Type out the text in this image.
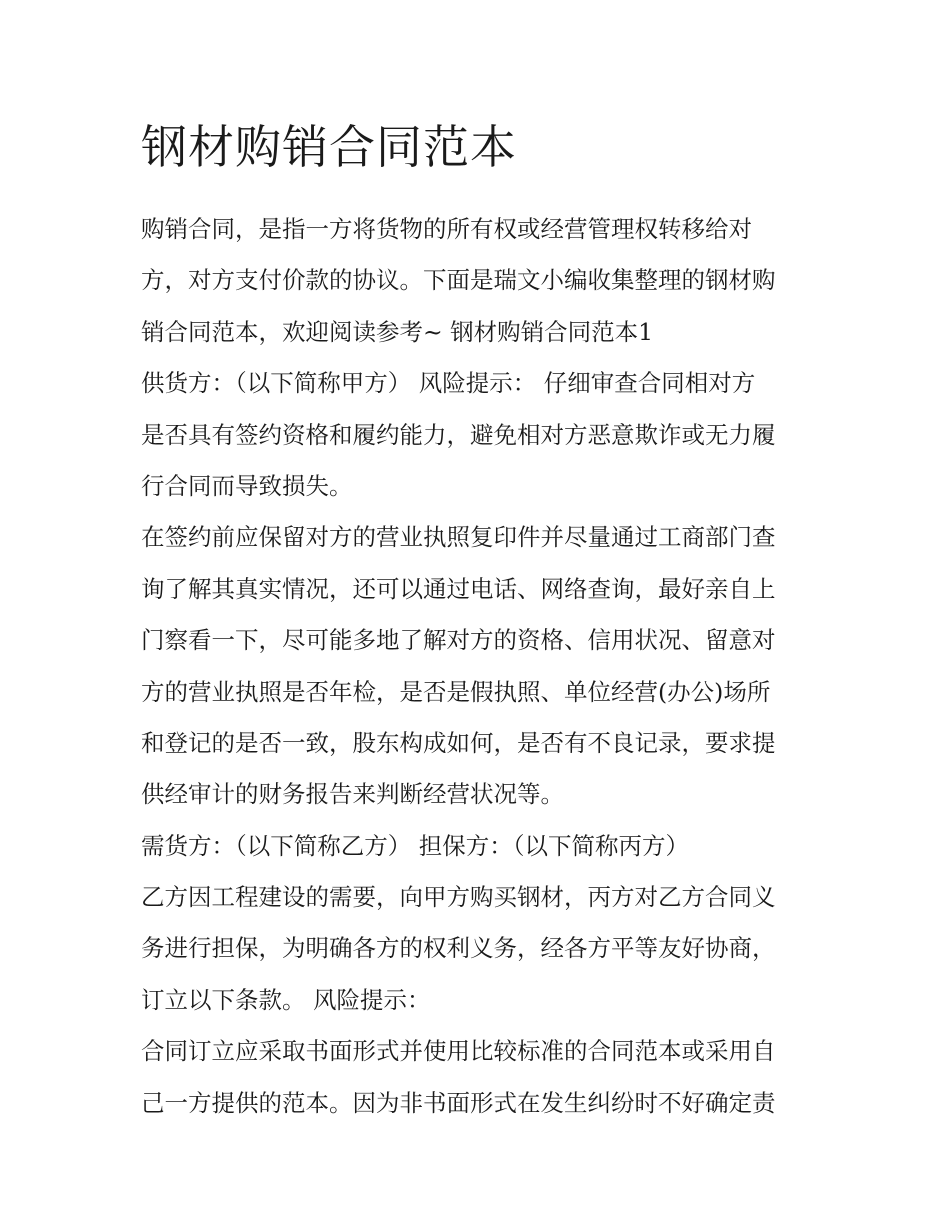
钢材购销合同范本
购销合同，是指一方将货物的所有权或经营管理权转移给对
方，对方支付价款的协议。下面是瑞文小编收集整理的钢材购
销合同范本，欢迎阅读参考~ 钢材购销合同范本1
供货方：（以下简称甲方） 风险提示： 仔细审查合同相对方
是否具有签约资格和履约能力，避免相对方恶意欺诈或无力履
行合同而导致损失。
在签约前应保留对方的营业执照复印件并尽量通过工商部门查
询了解其真实情况，还可以通过电话、网络查询，最好亲自上
门察看一下，尽可能多地了解对方的资格、信用状况、留意对
方的营业执照是否年检，是否是假执照、单位经营(办公)场所
和登记的是否一致，股东构成如何，是否有不良记录，要求提
供经审计的财务报告来判断经营状况等。
需货方：（以下简称乙方） 担保方：（以下简称丙方）
乙方因工程建设的需要，向甲方购买钢材，丙方对乙方合同义
务进行担保，为明确各方的权利义务，经各方平等友好协商，
订立以下条款。 风险提示：
合同订立应采取书面形式并使用比较标准的合同范本或采用自
己一方提供的范本。因为非书面形式在发生纠纷时不好确定责
